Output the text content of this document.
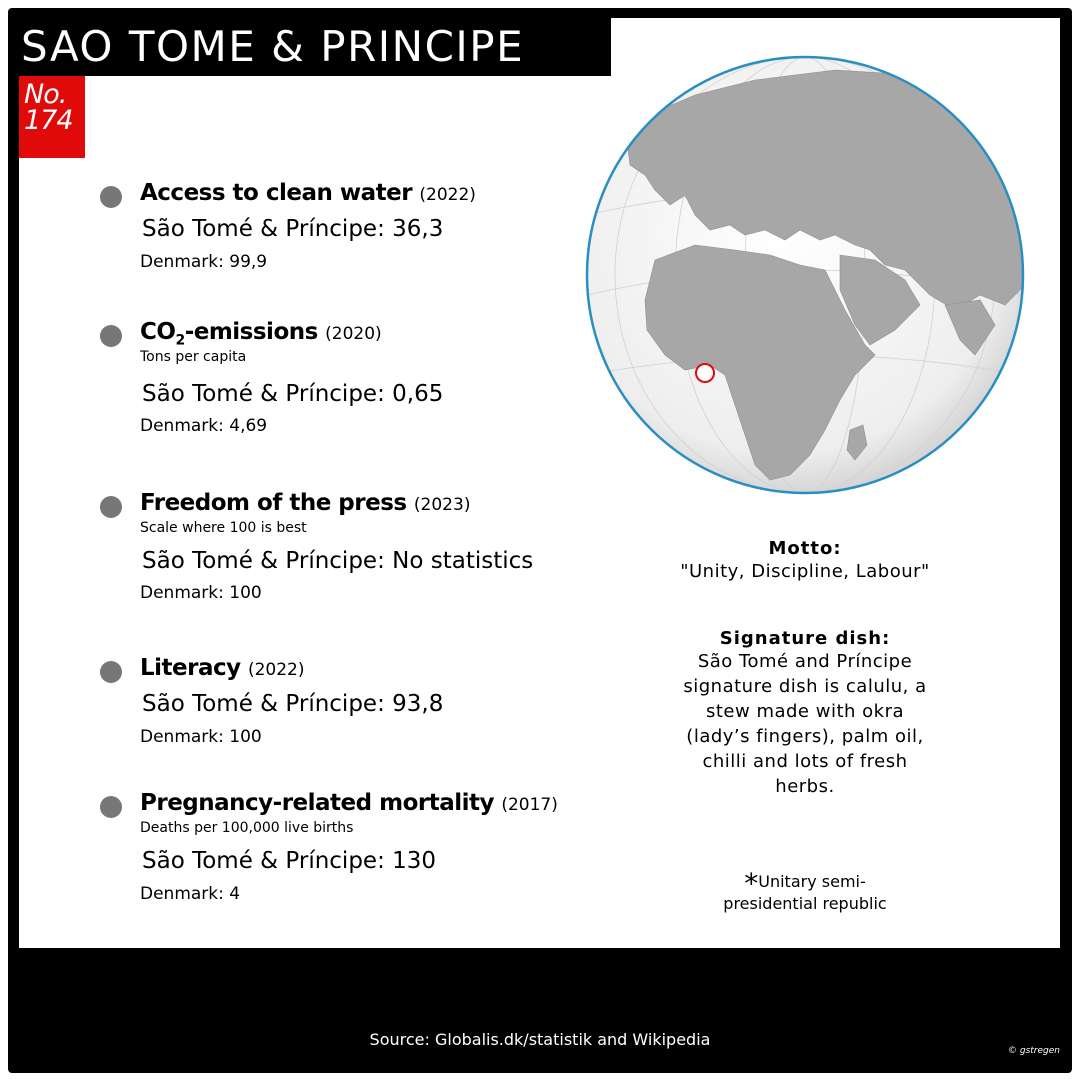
SAO TOME & PRINCIPE
No.
174
Access to clean water (2022)
São Tomé & Príncipe: 36,3
Denmark: 99,9
$CO_2$-emissions (2020)
Tons per capita
São Tomé & Príncipe: 0,65
Denmark: 4,69
Freedom of the press (2023)
Scale where 100 is best
São Tomé & Príncipe: No statistics
Denmark: 100
Literacy (2022)
São Tomé & Príncipe: 93,8
Denmark: 100
Pregnancy-related mortality (2017)
Deaths per 100,000 live births
São Tomé & Príncipe: 130
Denmark: 4
Motto:
"Unity, Discipline, Labour"
Signature dish:
São Tomé and Príncipe signature dish is calulu, a stew made with okra (lady’s fingers), palm oil, chilli and lots of fresh herbs.
*Unitary semi-presidential republic
Source: Globalis.dk/statistik and Wikipedia
© gstregen
